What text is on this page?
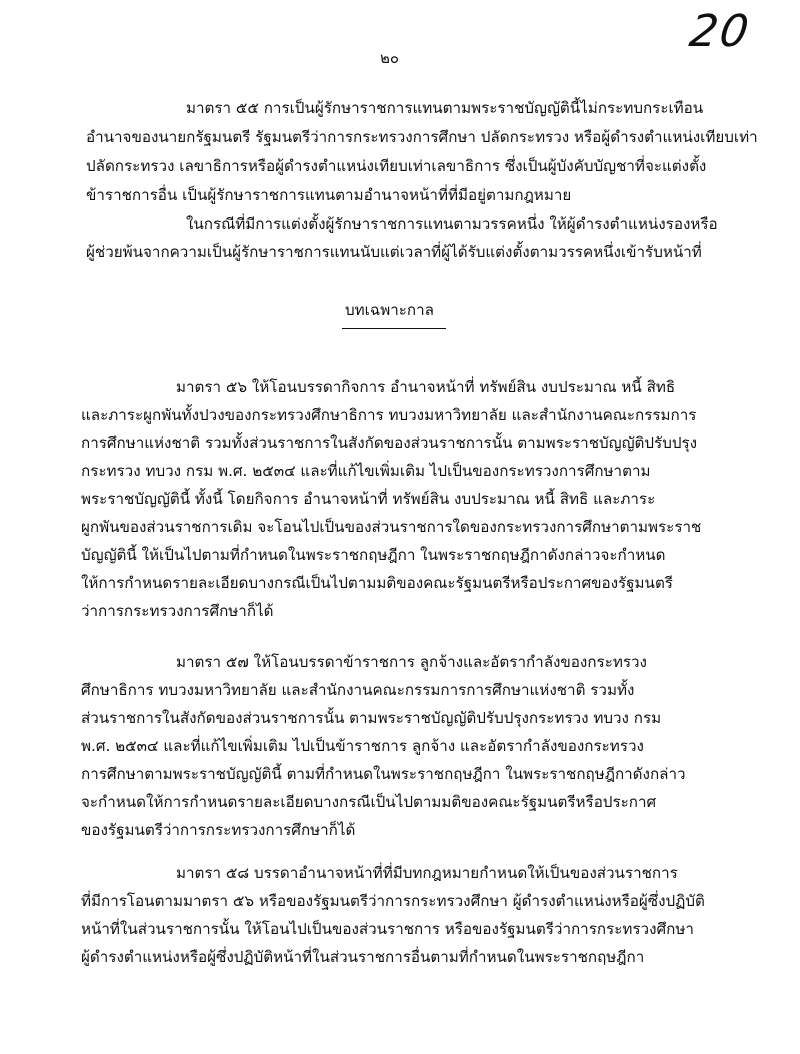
20
๒๐
มาตรา ๕๕ การเป็นผู้รักษาราชการแทนตามพระราชบัญญัตินี้ไม่กระทบกระเทือน
อำนาจของนายกรัฐมนตรี รัฐมนตรีว่าการกระทรวงการศึกษา ปลัดกระทรวง หรือผู้ดำรงตำแหน่งเทียบเท่า
ปลัดกระทรวง เลขาธิการหรือผู้ดำรงตำแหน่งเทียบเท่าเลขาธิการ ซึ่งเป็นผู้บังคับบัญชาที่จะแต่งตั้ง
ข้าราชการอื่น เป็นผู้รักษาราชการแทนตามอำนาจหน้าที่ที่มีอยู่ตามกฎหมาย
ในกรณีที่มีการแต่งตั้งผู้รักษาราชการแทนตามวรรคหนึ่ง ให้ผู้ดำรงตำแหน่งรองหรือ
ผู้ช่วยพ้นจากความเป็นผู้รักษาราชการแทนนับแต่เวลาที่ผู้ได้รับแต่งตั้งตามวรรคหนึ่งเข้ารับหน้าที่
บทเฉพาะกาล
มาตรา ๕๖ ให้โอนบรรดากิจการ อำนาจหน้าที่ ทรัพย์สิน งบประมาณ หนี้ สิทธิ
และภาระผูกพันทั้งปวงของกระทรวงศึกษาธิการ ทบวงมหาวิทยาลัย และสำนักงานคณะกรรมการ
การศึกษาแห่งชาติ รวมทั้งส่วนราชการในสังกัดของส่วนราชการนั้น ตามพระราชบัญญัติปรับปรุง
กระทรวง ทบวง กรม พ.ศ. ๒๕๓๔ และที่แก้ไขเพิ่มเติม ไปเป็นของกระทรวงการศึกษาตาม
พระราชบัญญัตินี้ ทั้งนี้ โดยกิจการ อำนาจหน้าที่ ทรัพย์สิน งบประมาณ หนี้ สิทธิ และภาระ
ผูกพันของส่วนราชการเดิม จะโอนไปเป็นของส่วนราชการใดของกระทรวงการศึกษาตามพระราช
บัญญัตินี้ ให้เป็นไปตามที่กำหนดในพระราชกฤษฎีกา ในพระราชกฤษฎีกาดังกล่าวจะกำหนด
ให้การกำหนดรายละเอียดบางกรณีเป็นไปตามมติของคณะรัฐมนตรีหรือประกาศของรัฐมนตรี
ว่าการกระทรวงการศึกษาก็ได้
มาตรา ๕๗ ให้โอนบรรดาข้าราชการ ลูกจ้างและอัตรากำลังของกระทรวง
ศึกษาธิการ ทบวงมหาวิทยาลัย และสำนักงานคณะกรรมการการศึกษาแห่งชาติ รวมทั้ง
ส่วนราชการในสังกัดของส่วนราชการนั้น ตามพระราชบัญญัติปรับปรุงกระทรวง ทบวง กรม
พ.ศ. ๒๕๓๔ และที่แก้ไขเพิ่มเติม ไปเป็นข้าราชการ ลูกจ้าง และอัตรากำลังของกระทรวง
การศึกษาตามพระราชบัญญัตินี้ ตามที่กำหนดในพระราชกฤษฎีกา ในพระราชกฤษฎีกาดังกล่าว
จะกำหนดให้การกำหนดรายละเอียดบางกรณีเป็นไปตามมติของคณะรัฐมนตรีหรือประกาศ
ของรัฐมนตรีว่าการกระทรวงการศึกษาก็ได้
มาตรา ๕๘ บรรดาอำนาจหน้าที่ที่มีบทกฎหมายกำหนดให้เป็นของส่วนราชการ
ที่มีการโอนตามมาตรา ๕๖ หรือของรัฐมนตรีว่าการกระทรวงศึกษา ผู้ดำรงตำแหน่งหรือผู้ซึ่งปฏิบัติ
หน้าที่ในส่วนราชการนั้น ให้โอนไปเป็นของส่วนราชการ หรือของรัฐมนตรีว่าการกระทรวงศึกษา
ผู้ดำรงตำแหน่งหรือผู้ซึ่งปฏิบัติหน้าที่ในส่วนราชการอื่นตามที่กำหนดในพระราชกฤษฎีกา
